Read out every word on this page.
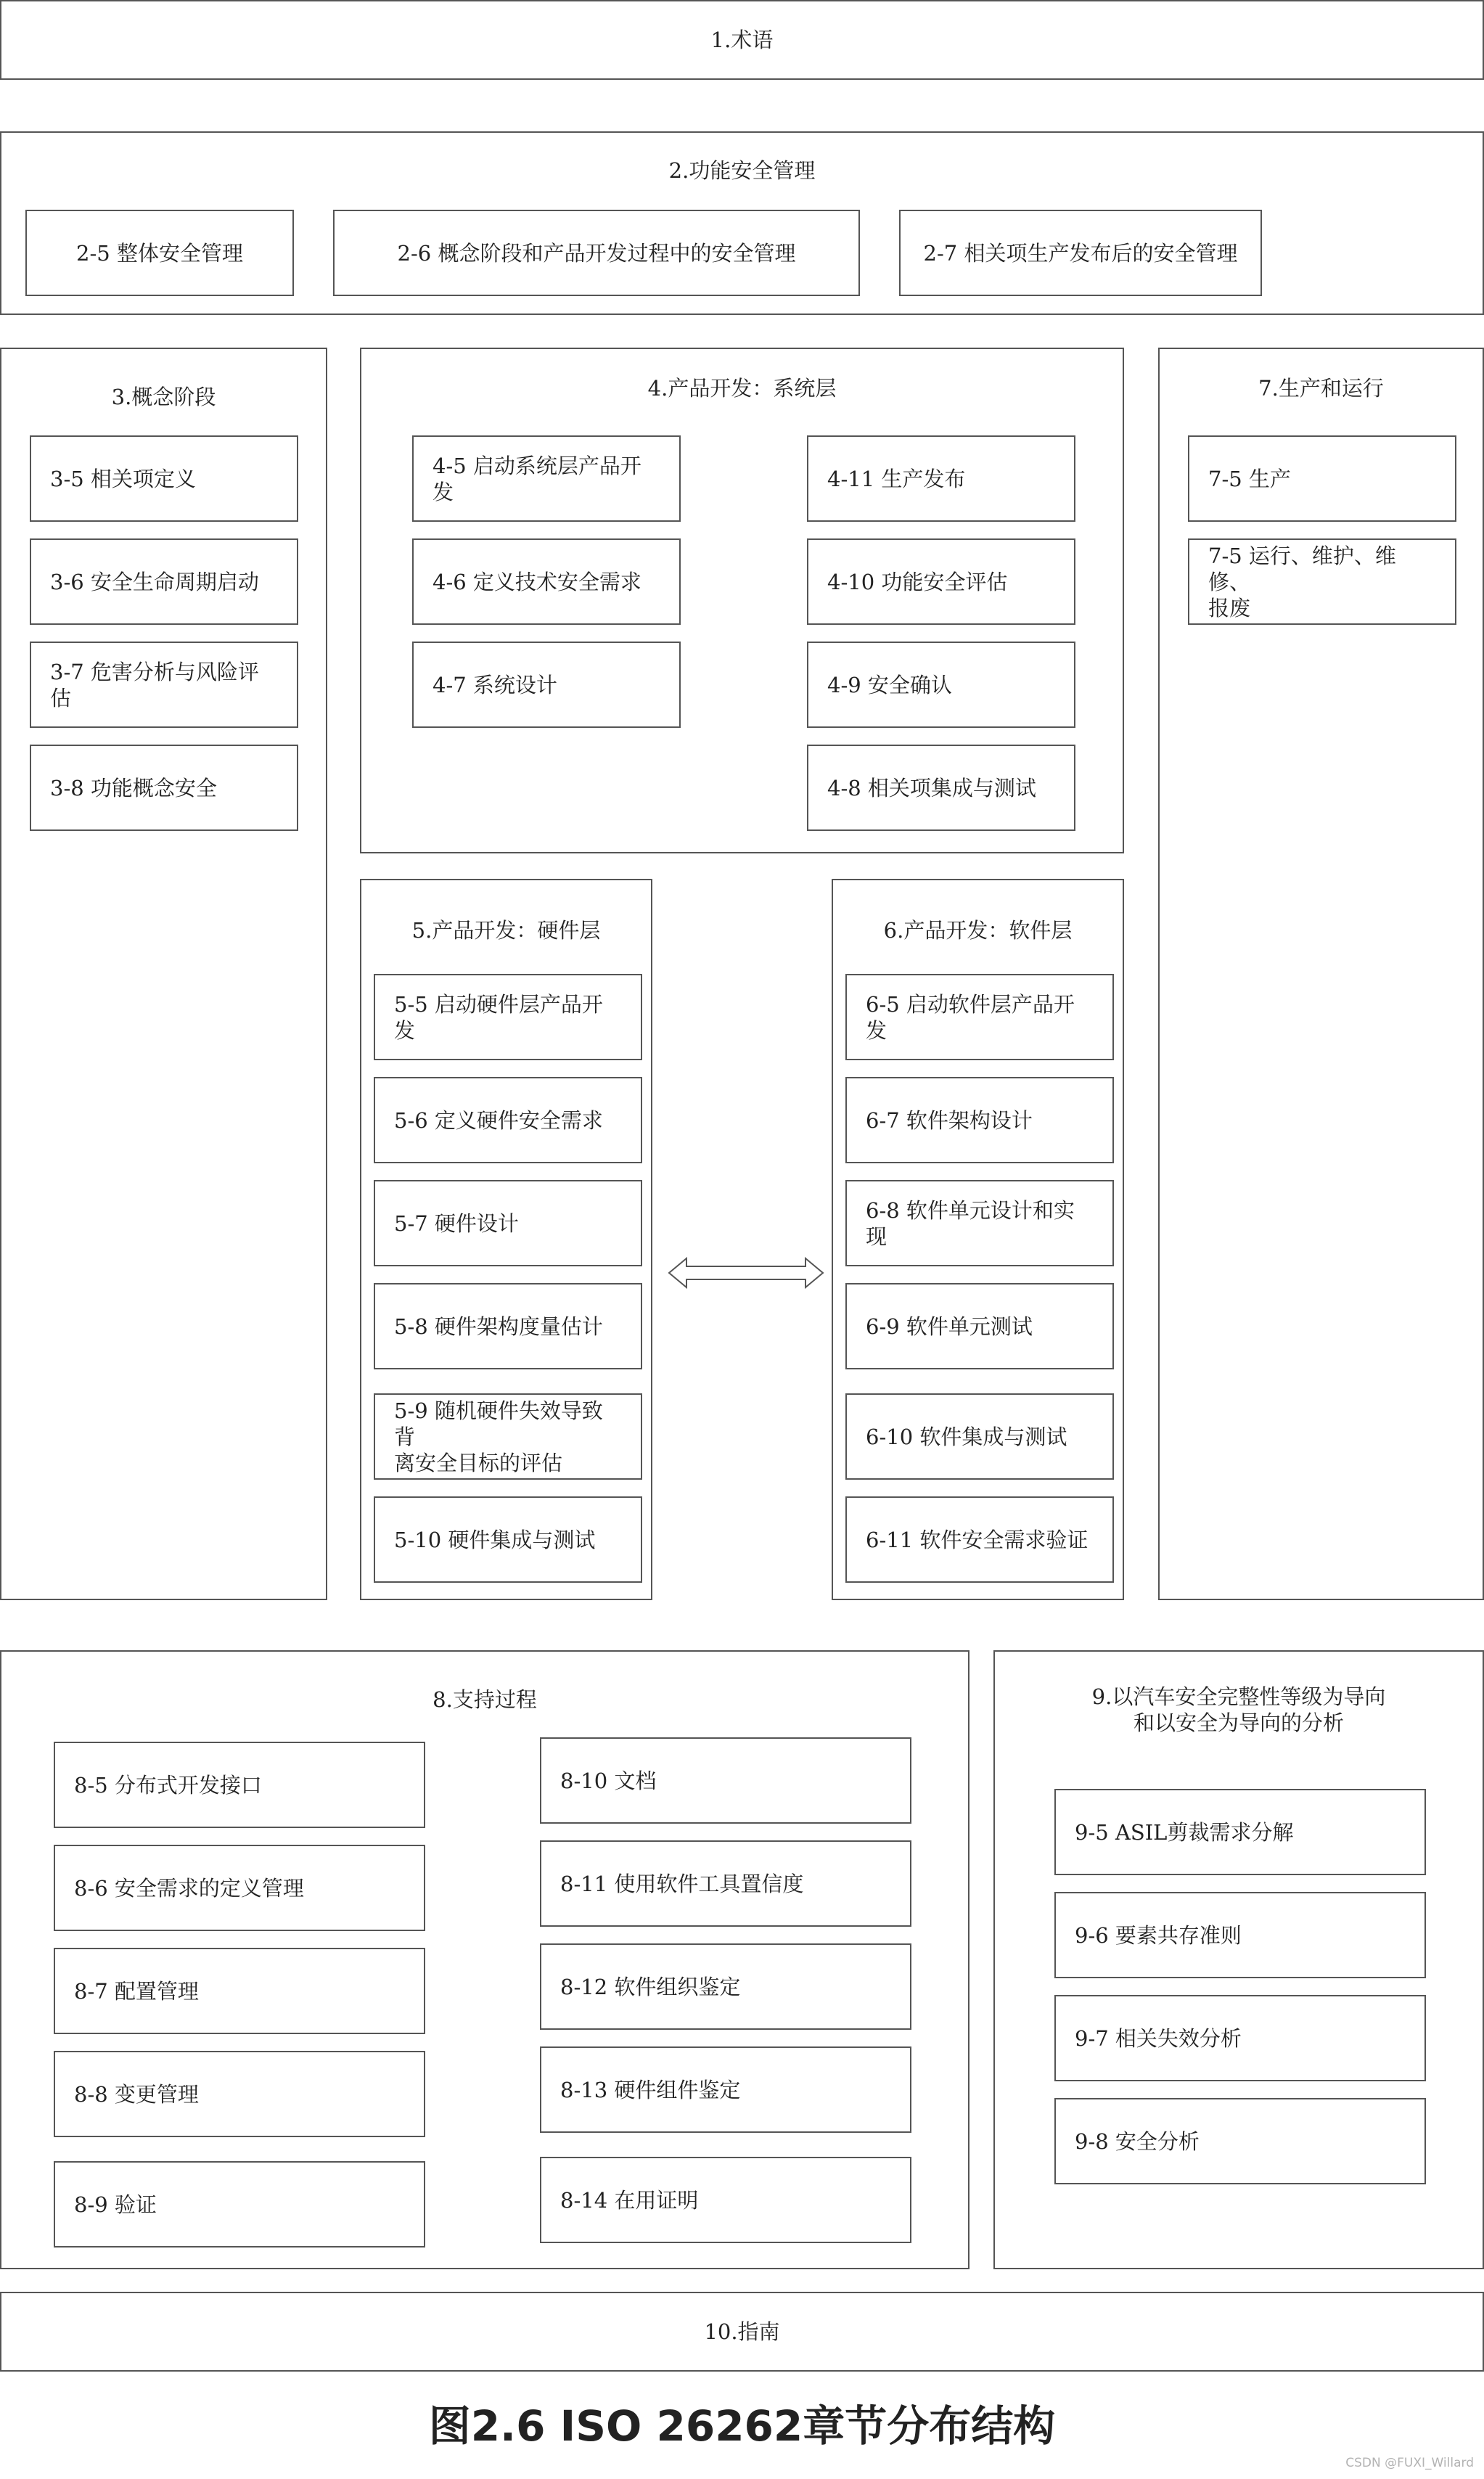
1.术语
2.功能安全管理
2-5 整体安全管理	2-6 概念阶段和产品开发过程中的安全管理	2-7 相关项生产发布后的安全管理
3.概念阶段
3-5 相关项定义
3-6 安全生命周期启动
3-7 危害分析与风险评估
3-8 功能概念安全
4.产品开发：系统层
4-5 启动系统层产品开发
4-6 定义技术安全需求
4-7 系统设计
4-11 生产发布
4-10 功能安全评估
4-9 安全确认
4-8 相关项集成与测试
5.产品开发：硬件层
5-5 启动硬件层产品开发
5-6 定义硬件安全需求
5-7 硬件设计
5-8 硬件架构度量估计
5-9 随机硬件失效导致背
离安全目标的评估
5-10 硬件集成与测试
6.产品开发：软件层
6-5 启动软件层产品开发
6-7 软件架构设计
6-8 软件单元设计和实现
6-9 软件单元测试
6-10 软件集成与测试
6-11 软件安全需求验证
7.生产和运行
7-5 生产
7-5 运行、维护、维修、
报废
8.支持过程
8-5 分布式开发接口
8-6 安全需求的定义管理
8-7 配置管理
8-8 变更管理
8-9 验证
8-10 文档
8-11 使用软件工具置信度
8-12 软件组织鉴定
8-13 硬件组件鉴定
8-14 在用证明
9.以汽车安全完整性等级为导向
和以安全为导向的分析
9-5 ASIL剪裁需求分解
9-6 要素共存准则
9-7 相关失效分析
9-8 安全分析
10.指南
图2.6 ISO 26262章节分布结构
CSDN @FUXI_Willard
